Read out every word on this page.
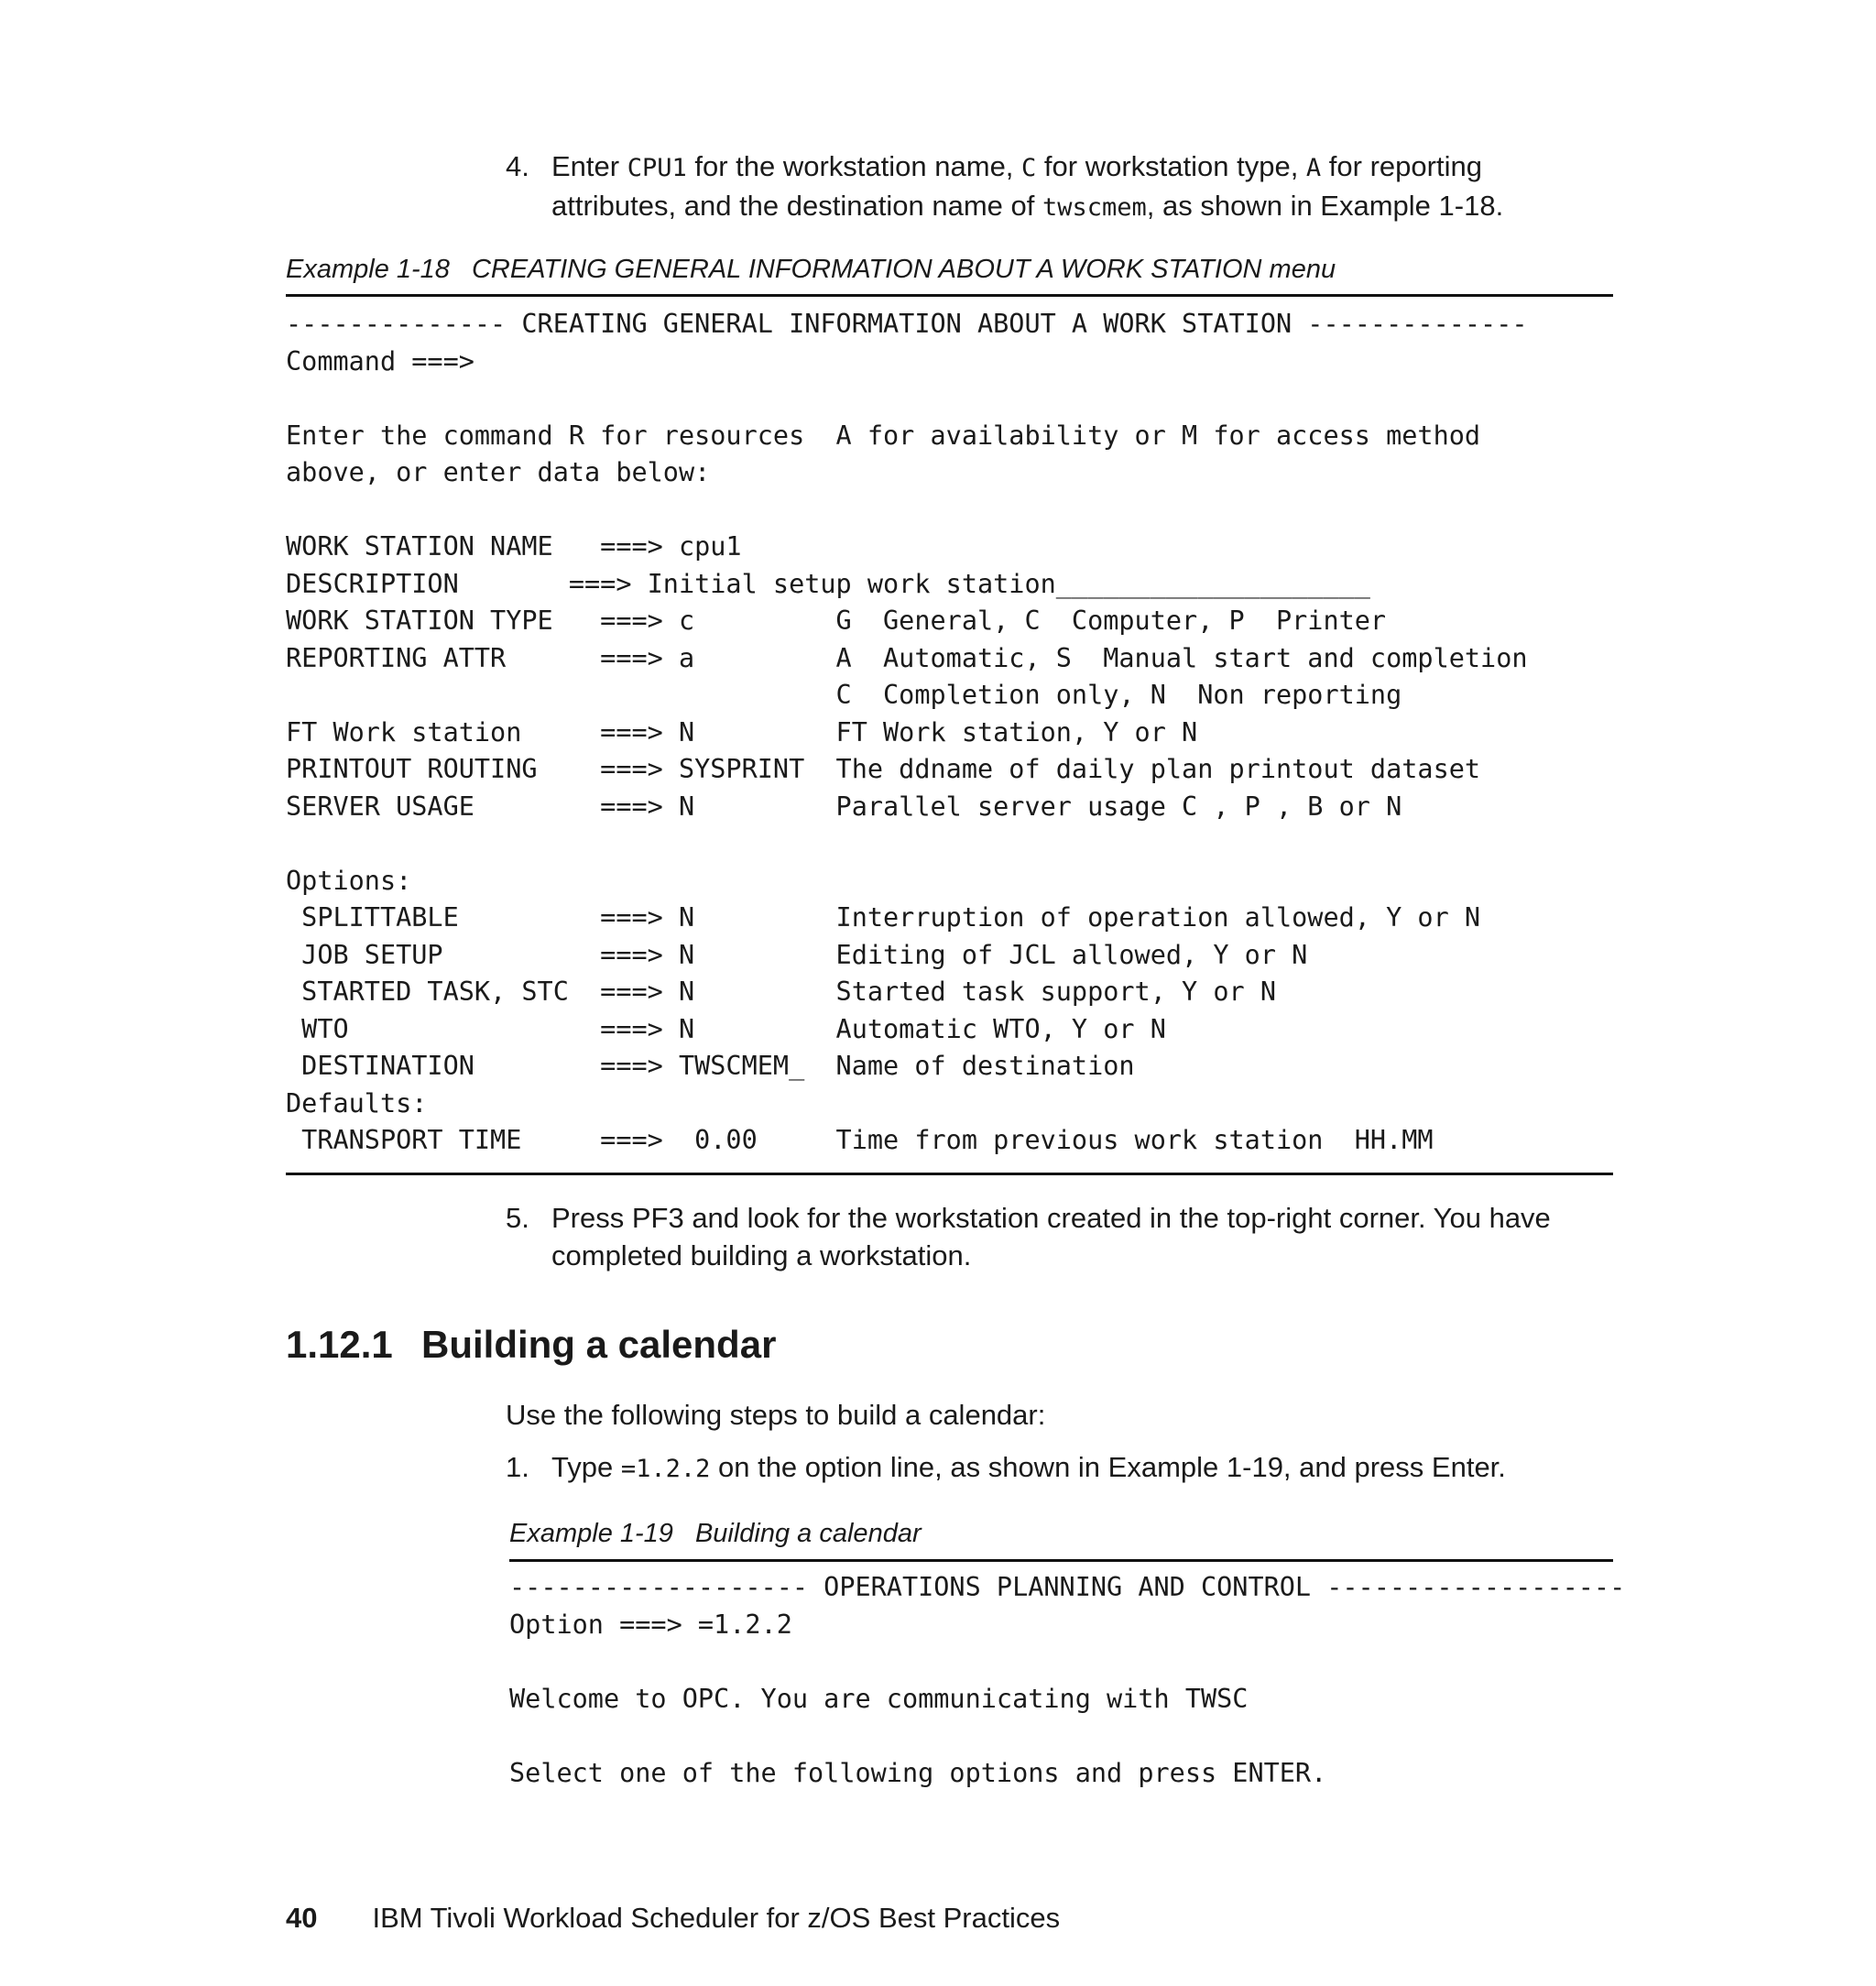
4. Enter CPU1 for the workstation name, C for workstation type, A for reporting attributes, and the destination name of twscmem, as shown in Example 1-18.
Example 1-18 CREATING GENERAL INFORMATION ABOUT A WORK STATION menu
-------------- CREATING GENERAL INFORMATION ABOUT A WORK STATION --------------
Command ===>

Enter the command R for resources  A for availability or M for access method
above, or enter data below:

WORK STATION NAME   ===> cpu1
DESCRIPTION       ===> Initial setup work station____________________
WORK STATION TYPE   ===> c         G  General, C  Computer, P  Printer
REPORTING ATTR      ===> a         A  Automatic, S  Manual start and completion
C  Completion only, N  Non reporting
FT Work station     ===> N         FT Work station, Y or N
PRINTOUT ROUTING    ===> SYSPRINT  The ddname of daily plan printout dataset
SERVER USAGE        ===> N         Parallel server usage C , P , B or N

Options:
SPLITTABLE         ===> N         Interruption of operation allowed, Y or N
JOB SETUP          ===> N         Editing of JCL allowed, Y or N
STARTED TASK, STC  ===> N         Started task support, Y or N
WTO                ===> N         Automatic WTO, Y or N
DESTINATION        ===> TWSCMEM_  Name of destination
Defaults:
TRANSPORT TIME     ===>  0.00     Time from previous work station  HH.MM
5. Press PF3 and look for the workstation created in the top-right corner. You have completed building a workstation.
1.12.1 Building a calendar
Use the following steps to build a calendar:
1. Type =1.2.2 on the option line, as shown in Example 1-19, and press Enter.
Example 1-19 Building a calendar
------------------- OPERATIONS PLANNING AND CONTROL -------------------
Option ===> =1.2.2

Welcome to OPC. You are communicating with TWSC

Select one of the following options and press ENTER.
40 IBM Tivoli Workload Scheduler for z/OS Best Practices
